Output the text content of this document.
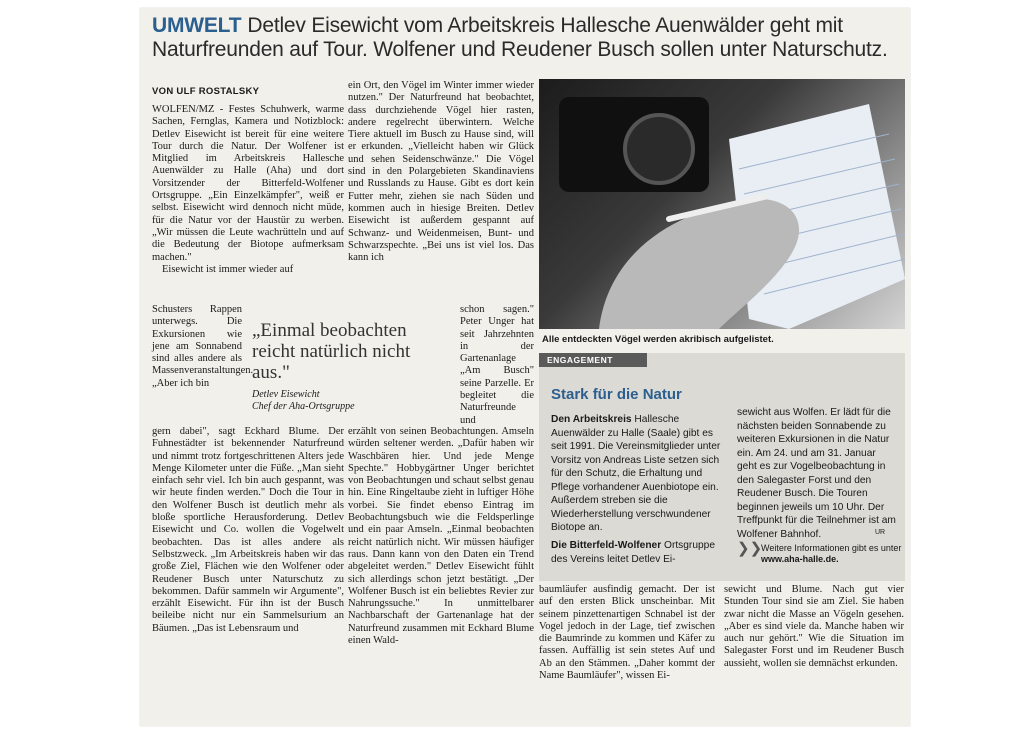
UMWELT Detlev Eisewicht vom Arbeitskreis Hallesche Auenwälder geht mit Naturfreunden auf Tour. Wolfener und Reudener Busch sollen unter Naturschutz.
VON ULF ROSTALSKY

WOLFEN/MZ - Festes Schuhwerk, warme Sachen, Fernglas, Kamera und Notizblock: Detlev Eisewicht ist bereit für eine weitere Tour durch die Natur. Der Wolfener ist Mitglied im Arbeitskreis Hallesche Auenwälder zu Halle (Aha) und dort Vorsitzender der Bitterfeld-Wolfener Ortsgruppe. „Ein Einzelkämpfer", weiß er selbst. Eisewicht wird dennoch nicht müde, für die Natur vor der Haustür zu werben. „Wir müssen die Leute wachrütteln und auf die Bedeutung der Biotope aufmerksam machen."

Eisewicht ist immer wieder auf

Schusters Rappen unterwegs. Die Exkursionen wie jene am Sonnabend sind alles andere als Massenveranstaltungen. „Aber ich bin

gern dabei", sagt Eckhard Blume. Der Fuhnestädter ist bekennender Naturfreund und nimmt trotz fortgeschrittenen Alters jede Menge Kilometer unter die Füße. „Man sieht einfach sehr viel. Ich bin auch gespannt, was wir heute finden werden." Doch die Tour in den Wolfener Busch ist deutlich mehr als bloße sportliche Herausforderung. Detlev Eisewicht und Co. wollen die Vogelwelt beobachten. Das ist alles andere als Selbstzweck. „Im Arbeitskreis haben wir das große Ziel, Flächen wie den Wolfener oder Reudener Busch unter Naturschutz zu bekommen. Dafür sammeln wir Argumente", erzählt Eisewicht. Für ihn ist der Busch beileibe nicht nur ein Sammelsurium an Bäumen. „Das ist Lebensraum und

ein Ort, den Vögel im Winter immer wieder nutzen." Der Naturfreund hat beobachtet, dass durchziehende Vögel hier rasten, andere regelrecht überwintern. Welche Tiere aktuell im Busch zu Hause sind, will er erkunden. „Vielleicht haben wir Glück und sehen Seidenschwänze." Die Vögel sind in den Polargebieten Skandinaviens und Russlands zu Hause. Gibt es dort kein Futter mehr, ziehen sie nach Süden und kommen auch in hiesige Breiten. Detlev Eisewicht ist außerdem gespannt auf Schwanz- und Weidenmeisen, Bunt- und Schwarzspechte. „Bei uns ist viel los. Das kann ich

schon sagen." Peter Unger hat seit Jahrzehnten in der Gartenanlage „Am Busch" seine Parzelle. Er begleitet die Naturfreunde und

erzählt von seinen Beobachtungen. Amseln würden seltener werden. „Dafür haben wir Waschbären hier. Und jede Menge Spechte." Hobbygärtner Unger berichtet von Beobachtungen und schaut selbst genau hin. Eine Ringeltaube zieht in luftiger Höhe vorbei. Sie findet ebenso Eintrag im Beobachtungsbuch wie die Feldsperlinge und ein paar Amseln. „Einmal beobachten reicht natürlich nicht. Wir müssen häufiger raus. Dann kann von den Daten ein Trend abgeleitet werden." Detlev Eisewicht fühlt sich allerdings schon jetzt bestätigt. „Der Wolfener Busch ist ein beliebtes Revier zur Nahrungssuche." In unmittelbarer Nachbarschaft der Gartenanlage hat der Naturfreund zusammen mit Eckhard Blume einen Wald-

„Einmal beobachten reicht natürlich nicht aus."
Detlev Eisewicht
Chef der Aha-Ortsgruppe
Alle entdeckten Vögel werden akribisch aufgelistet.
ENGAGEMENT
Stark für die Natur
Den Arbeitskreis Hallesche Auenwälder zu Halle (Saale) gibt es seit 1991. Die Vereinsmitglieder unter Vorsitz von Andreas Liste setzen sich für den Schutz, die Erhaltung und Pflege vorhandener Auenbiotope ein. Außerdem streben sie die Wiederherstellung verschwundener Biotope an.
Die Bitterfeld-Wolfener Ortsgruppe des Vereins leitet Detlev Ei-
sewicht aus Wolfen. Er lädt für die nächsten beiden Sonnabende zu weiteren Exkursionen in die Natur ein. Am 24. und am 31. Januar geht es zur Vogelbeobachtung in den Salegaster Forst und den Reudener Busch. Die Touren beginnen jeweils um 10 Uhr. Der Treffpunkt für die Teilnehmer ist am Wolfener Bahnhof.	UR
❯❯
Weitere Informationen gibt es unter www.aha-halle.de.

baumläufer ausfindig gemacht. Der ist auf den ersten Blick unscheinbar. Mit seinem pinzettenartigen Schnabel ist der Vogel jedoch in der Lage, tief zwischen die Baumrinde zu kommen und Käfer zu fassen. Auffällig ist sein stetes Auf und Ab an den Stämmen. „Daher kommt der Name Baumläufer", wissen Ei-

sewicht und Blume. Nach gut vier Stunden Tour sind sie am Ziel. Sie haben zwar nicht die Masse an Vögeln gesehen. „Aber es sind viele da. Manche haben wir auch nur gehört." Wie die Situation im Salegaster Forst und im Reudener Busch aussieht, wollen sie demnächst erkunden.
